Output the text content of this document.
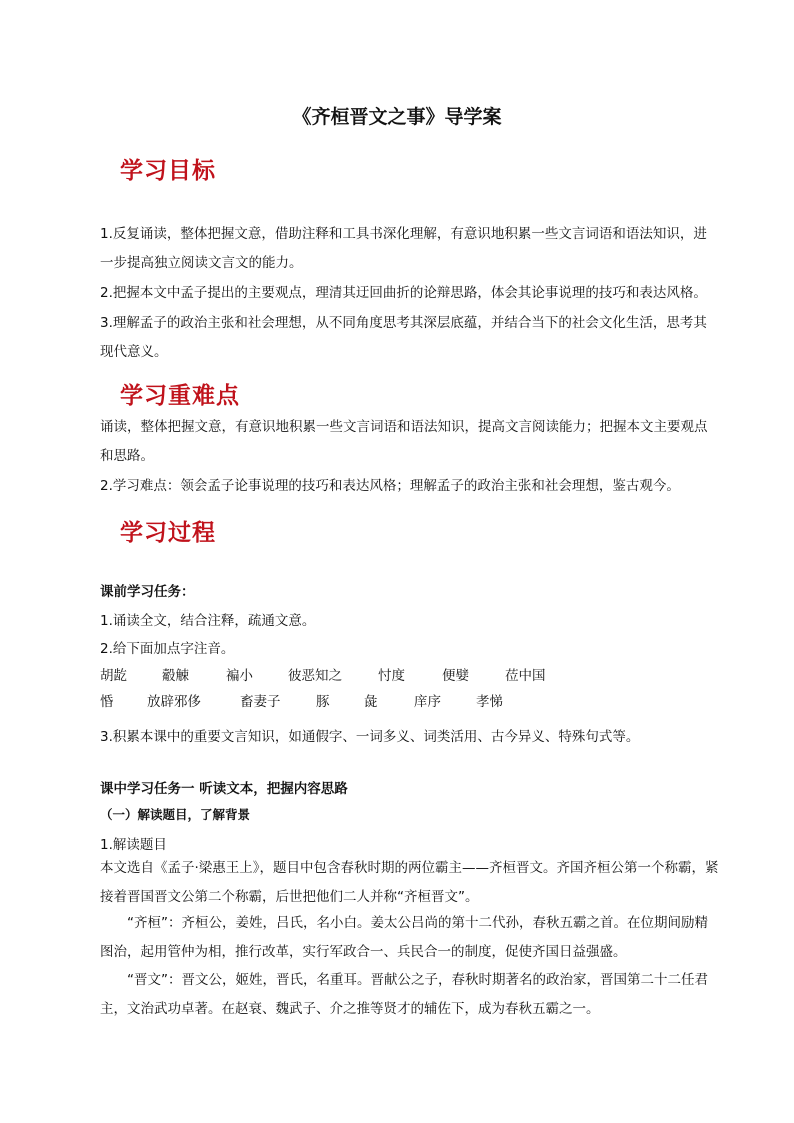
《齐桓晋文之事》导学案
学习目标

1.反复诵读，整体把握文意，借助注释和工具书深化理解，有意识地积累一些文言词语和语法知识，进一步提高独立阅读文言文的能力。

2.把握本文中孟子提出的主要观点，理清其迂回曲折的论辩思路，体会其论事说理的技巧和表达风格。

3.理解孟子的政治主张和社会理想，从不同角度思考其深层底蕴，并结合当下的社会文化生活，思考其现代意义。

学习重难点

诵读，整体把握文意，有意识地积累一些文言词语和语法知识，提高文言阅读能力；把握本文主要观点和思路。

2.学习难点：领会孟子论事说理的技巧和表达风格；理解孟子的政治主张和社会理想，鉴古观今。

学习过程
课前学习任务：
1.诵读全文，结合注释，疏通文意。
2.给下面加点字注音。
胡龁	觳觫	褊小	彼恶知之	忖度	便嬖	莅中国
惛 放辟邪侈	畜妻子	豚	彘	庠序	孝悌
3.积累本课中的重要文言知识，如通假字、一词多义、词类活用、古今异义、特殊句式等。
课中学习任务一 听读文本，把握内容思路
（一）解读题目，了解背景
1.解读题目

本文选自《孟子·梁惠王上》，题目中包含春秋时期的两位霸主——齐桓晋文。齐国齐桓公第一个称霸，紧接着晋国晋文公第二个称霸，后世把他们二人并称“齐桓晋文”。

“齐桓”：齐桓公，姜姓，吕氏，名小白。姜太公吕尚的第十二代孙，春秋五霸之首。在位期间励精图治，起用管仲为相，推行改革，实行军政合一、兵民合一的制度，促使齐国日益强盛。

“晋文”：晋文公，姬姓，晋氏，名重耳。晋献公之子，春秋时期著名的政治家，晋国第二十二任君主，文治武功卓著。在赵衰、魏武子、介之推等贤才的辅佐下，成为春秋五霸之一。
